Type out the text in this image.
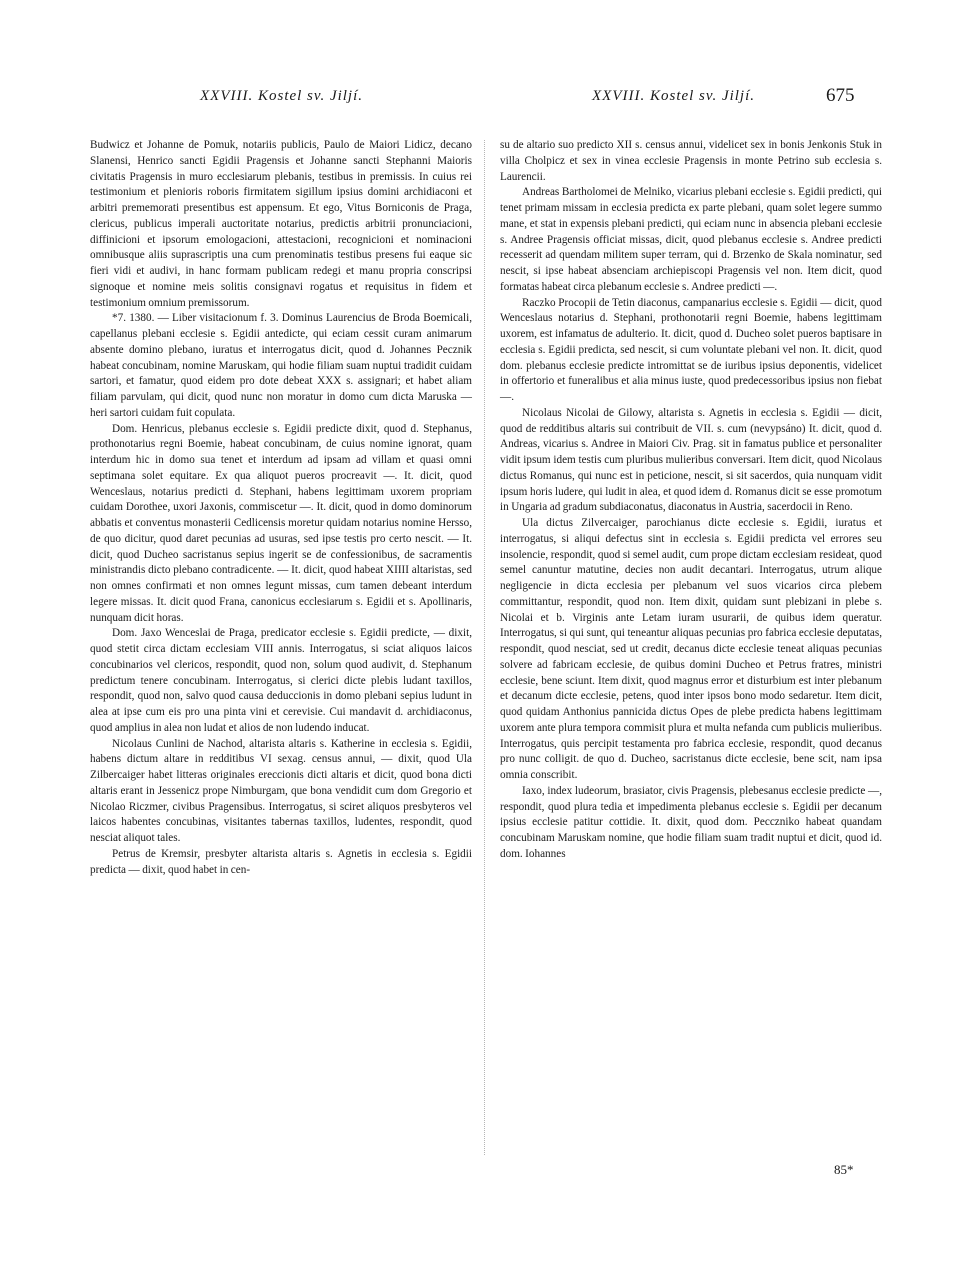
XXVIII. Kostel sv. Jiljí.	XXVIII. Kostel sv. Jiljí.	675

Budwicz et Johanne de Pomuk, notariis publicis, Paulo de Maiori Lidicz, decano Slanensi, Henrico sancti Egidii Pragensis et Johanne sancti Stephanni Maioris civitatis Pragensis in muro ecclesiarum plebanis, testibus in premissis. In cuius rei testimonium et plenioris roboris firmitatem sigillum ipsius domini archidiaconi et arbitri prememorati presentibus est appensum. Et ego, Vitus Borniconis de Praga, clericus, publicus imperali auctoritate notarius, predictis arbitrii pronunciacioni, diffinicioni et ipsorum emologacioni, attestacioni, recognicioni et nominacioni omnibusque aliis suprascriptis una cum prenominatis testibus presens fui eaque sic fieri vidi et audivi, in hanc formam publicam redegi et manu propria conscripsi signoque et nomine meis solitis consignavi rogatus et requisitus in fidem et testimonium omnium premissorum.

*7. 1380. — Liber visitacionum f. 3. Dominus Laurencius de Broda Boemicali, capellanus plebani ecclesie s. Egidii antedicte, qui eciam cessit curam animarum absente domino plebano, iuratus et interrogatus dicit, quod d. Johannes Pecznik habeat concubinam, nomine Maruskam, qui hodie filiam suam nuptui tradidit cuidam sartori, et famatur, quod eidem pro dote debeat XXX s. assignari; et habet aliam filiam parvulam, qui dicit, quod nunc non moratur in domo cum dicta Maruska — heri sartori cuidam fuit copulata.

Dom. Henricus, plebanus ecclesie s. Egidii predicte dixit, quod d. Stephanus, prothonotarius regni Boemie, habeat concubinam, de cuius nomine ignorat, quam interdum hic in domo sua tenet et interdum ad ipsam ad villam et quasi omni septimana solet equitare. Ex qua aliquot pueros procreavit —. It. dicit, quod Wenceslaus, notarius predicti d. Stephani, habens legittimam uxorem propriam cuidam Dorothee, uxori Jaxonis, commiscetur —. It. dicit, quod in domo dominorum abbatis et conventus monasterii Cedlicensis moretur quidam notarius nomine Hersso, de quo dicitur, quod daret pecunias ad usuras, sed ipse testis pro certo nescit. — It. dicit, quod Ducheo sacristanus sepius ingerit se de confessionibus, de sacramentis ministrandis dicto plebano contradicente. — It. dicit, quod habeat XIIII altaristas, sed non omnes confirmati et non omnes legunt missas, cum tamen debeant interdum legere missas. It. dicit quod Frana, canonicus ecclesiarum s. Egidii et s. Apollinaris, nunquam dicit horas.

Dom. Jaxo Wenceslai de Praga, predicator ecclesie s. Egidii predicte, — dixit, quod stetit circa dictam ecclesiam VIII annis. Interrogatus, si sciat aliquos laicos concubinarios vel clericos, respondit, quod non, solum quod audivit, d. Stephanum predictum tenere concubinam. Interrogatus, si clerici dicte plebis ludant taxillos, respondit, quod non, salvo quod causa deduccionis in domo plebani sepius ludunt in alea at ipse cum eis pro una pinta vini et cerevisie. Cui mandavit d. archidiaconus, quod amplius in alea non ludat et alios de non ludendo inducat.

Nicolaus Cunlini de Nachod, altarista altaris s. Katherine in ecclesia s. Egidii, habens dictum altare in redditibus VI sexag. census annui, — dixit, quod Ula Zilbercaiger habet litteras originales ereccionis dicti altaris et dicit, quod bona dicti altaris erant in Jessenicz prope Nimburgam, que bona vendidit cum dom Gregorio et Nicolao Riczmer, civibus Pragensibus. Interrogatus, si sciret aliquos presbyteros vel laicos habentes concubinas, visitantes tabernas taxillos, ludentes, respondit, quod nesciat aliquot tales.

Petrus de Kremsir, presbyter altarista altaris s. Agnetis in ecclesia s. Egidii predicta — dixit, quod habet in cen-

su de altario suo predicto XII s. census annui, videlicet sex in bonis Jenkonis Stuk in villa Cholpicz et sex in vinea ecclesie Pragensis in monte Petrino sub ecclesia s. Laurencii.

Andreas Bartholomei de Melniko, vicarius plebani ecclesie s. Egidii predicti, qui tenet primam missam in ecclesia predicta ex parte plebani, quam solet legere summo mane, et stat in expensis plebani predicti, qui eciam nunc in absencia plebani ecclesie s. Andree Pragensis officiat missas, dicit, quod plebanus ecclesie s. Andree predicti recesserit ad quendam militem super terram, qui d. Brzenko de Skala nominatur, sed nescit, si ipse habeat absenciam archiepiscopi Pragensis vel non. Item dicit, quod formatas habeat circa plebanum ecclesie s. Andree predicti —.

Raczko Procopii de Tetin diaconus, campanarius ecclesie s. Egidii — dicit, quod Wenceslaus notarius d. Stephani, prothonotarii regni Boemie, habens legittimam uxorem, est infamatus de adulterio. It. dicit, quod d. Ducheo solet pueros baptisare in ecclesia s. Egidii predicta, sed nescit, si cum voluntate plebani vel non. It. dicit, quod dom. plebanus ecclesie predicte intromittat se de iuribus ipsius deponentis, videlicet in offertorio et funeralibus et alia minus iuste, quod predecessoribus ipsius non fiebat —.

Nicolaus Nicolai de Gilowy, altarista s. Agnetis in ecclesia s. Egidii — dicit, quod de redditibus altaris sui contribuit de VII. s. cum (nevypsáno) It. dicit, quod d. Andreas, vicarius s. Andree in Maiori Civ. Prag. sit in famatus publice et personaliter vidit ipsum idem testis cum pluribus mulieribus conversari. Item dicit, quod Nicolaus dictus Romanus, qui nunc est in peticione, nescit, si sit sacerdos, quia nunquam vidit ipsum horis ludere, qui ludit in alea, et quod idem d. Romanus dicit se esse promotum in Ungaria ad gradum subdiaconatus, diaconatus in Austria, sacerdocii in Reno.

Ula dictus Zilvercaiger, parochianus dicte ecclesie s. Egidii, iuratus et interrogatus, si aliqui defectus sint in ecclesia s. Egidii predicta vel errores seu insolencie, respondit, quod si semel audit, cum prope dictam ecclesiam resideat, quod semel canuntur matutine, decies non audit decantari. Interrogatus, utrum alique negligencie in dicta ecclesia per plebanum vel suos vicarios circa plebem committantur, respondit, quod non. Item dixit, quidam sunt plebizani in plebe s. Nicolai et b. Virginis ante Letam iuram usurarii, de quibus idem queratur. Interrogatus, si qui sunt, qui teneantur aliquas pecunias pro fabrica ecclesie deputatas, respondit, quod nesciat, sed ut credit, decanus dicte ecclesie teneat aliquas pecunias solvere ad fabricam ecclesie, de quibus domini Ducheo et Petrus fratres, ministri ecclesie, bene sciunt. Item dixit, quod magnus error et disturbium est inter plebanum et decanum dicte ecclesie, petens, quod inter ipsos bono modo sedaretur. Item dicit, quod quidam Anthonius pannicida dictus Opes de plebe predicta habens legittimam uxorem ante plura tempora commisit plura et multa nefanda cum publicis mulieribus. Interrogatus, quis percipit testamenta pro fabrica ecclesie, respondit, quod decanus pro nunc colligit. de quo d. Ducheo, sacristanus dicte ecclesie, bene scit, nam ipsa omnia conscribit.

Iaxo, index ludeorum, brasiator, civis Pragensis, plebesanus ecclesie predicte —, respondit, quod plura tedia et impedimenta plebanus ecclesie s. Egidii per decanum ipsius ecclesie patitur cottidie. It. dixit, quod dom. Pecczniko habeat quandam concubinam Maruskam nomine, que hodie filiam suam tradit nuptui et dicit, quod id. dom. Iohannes

85*
